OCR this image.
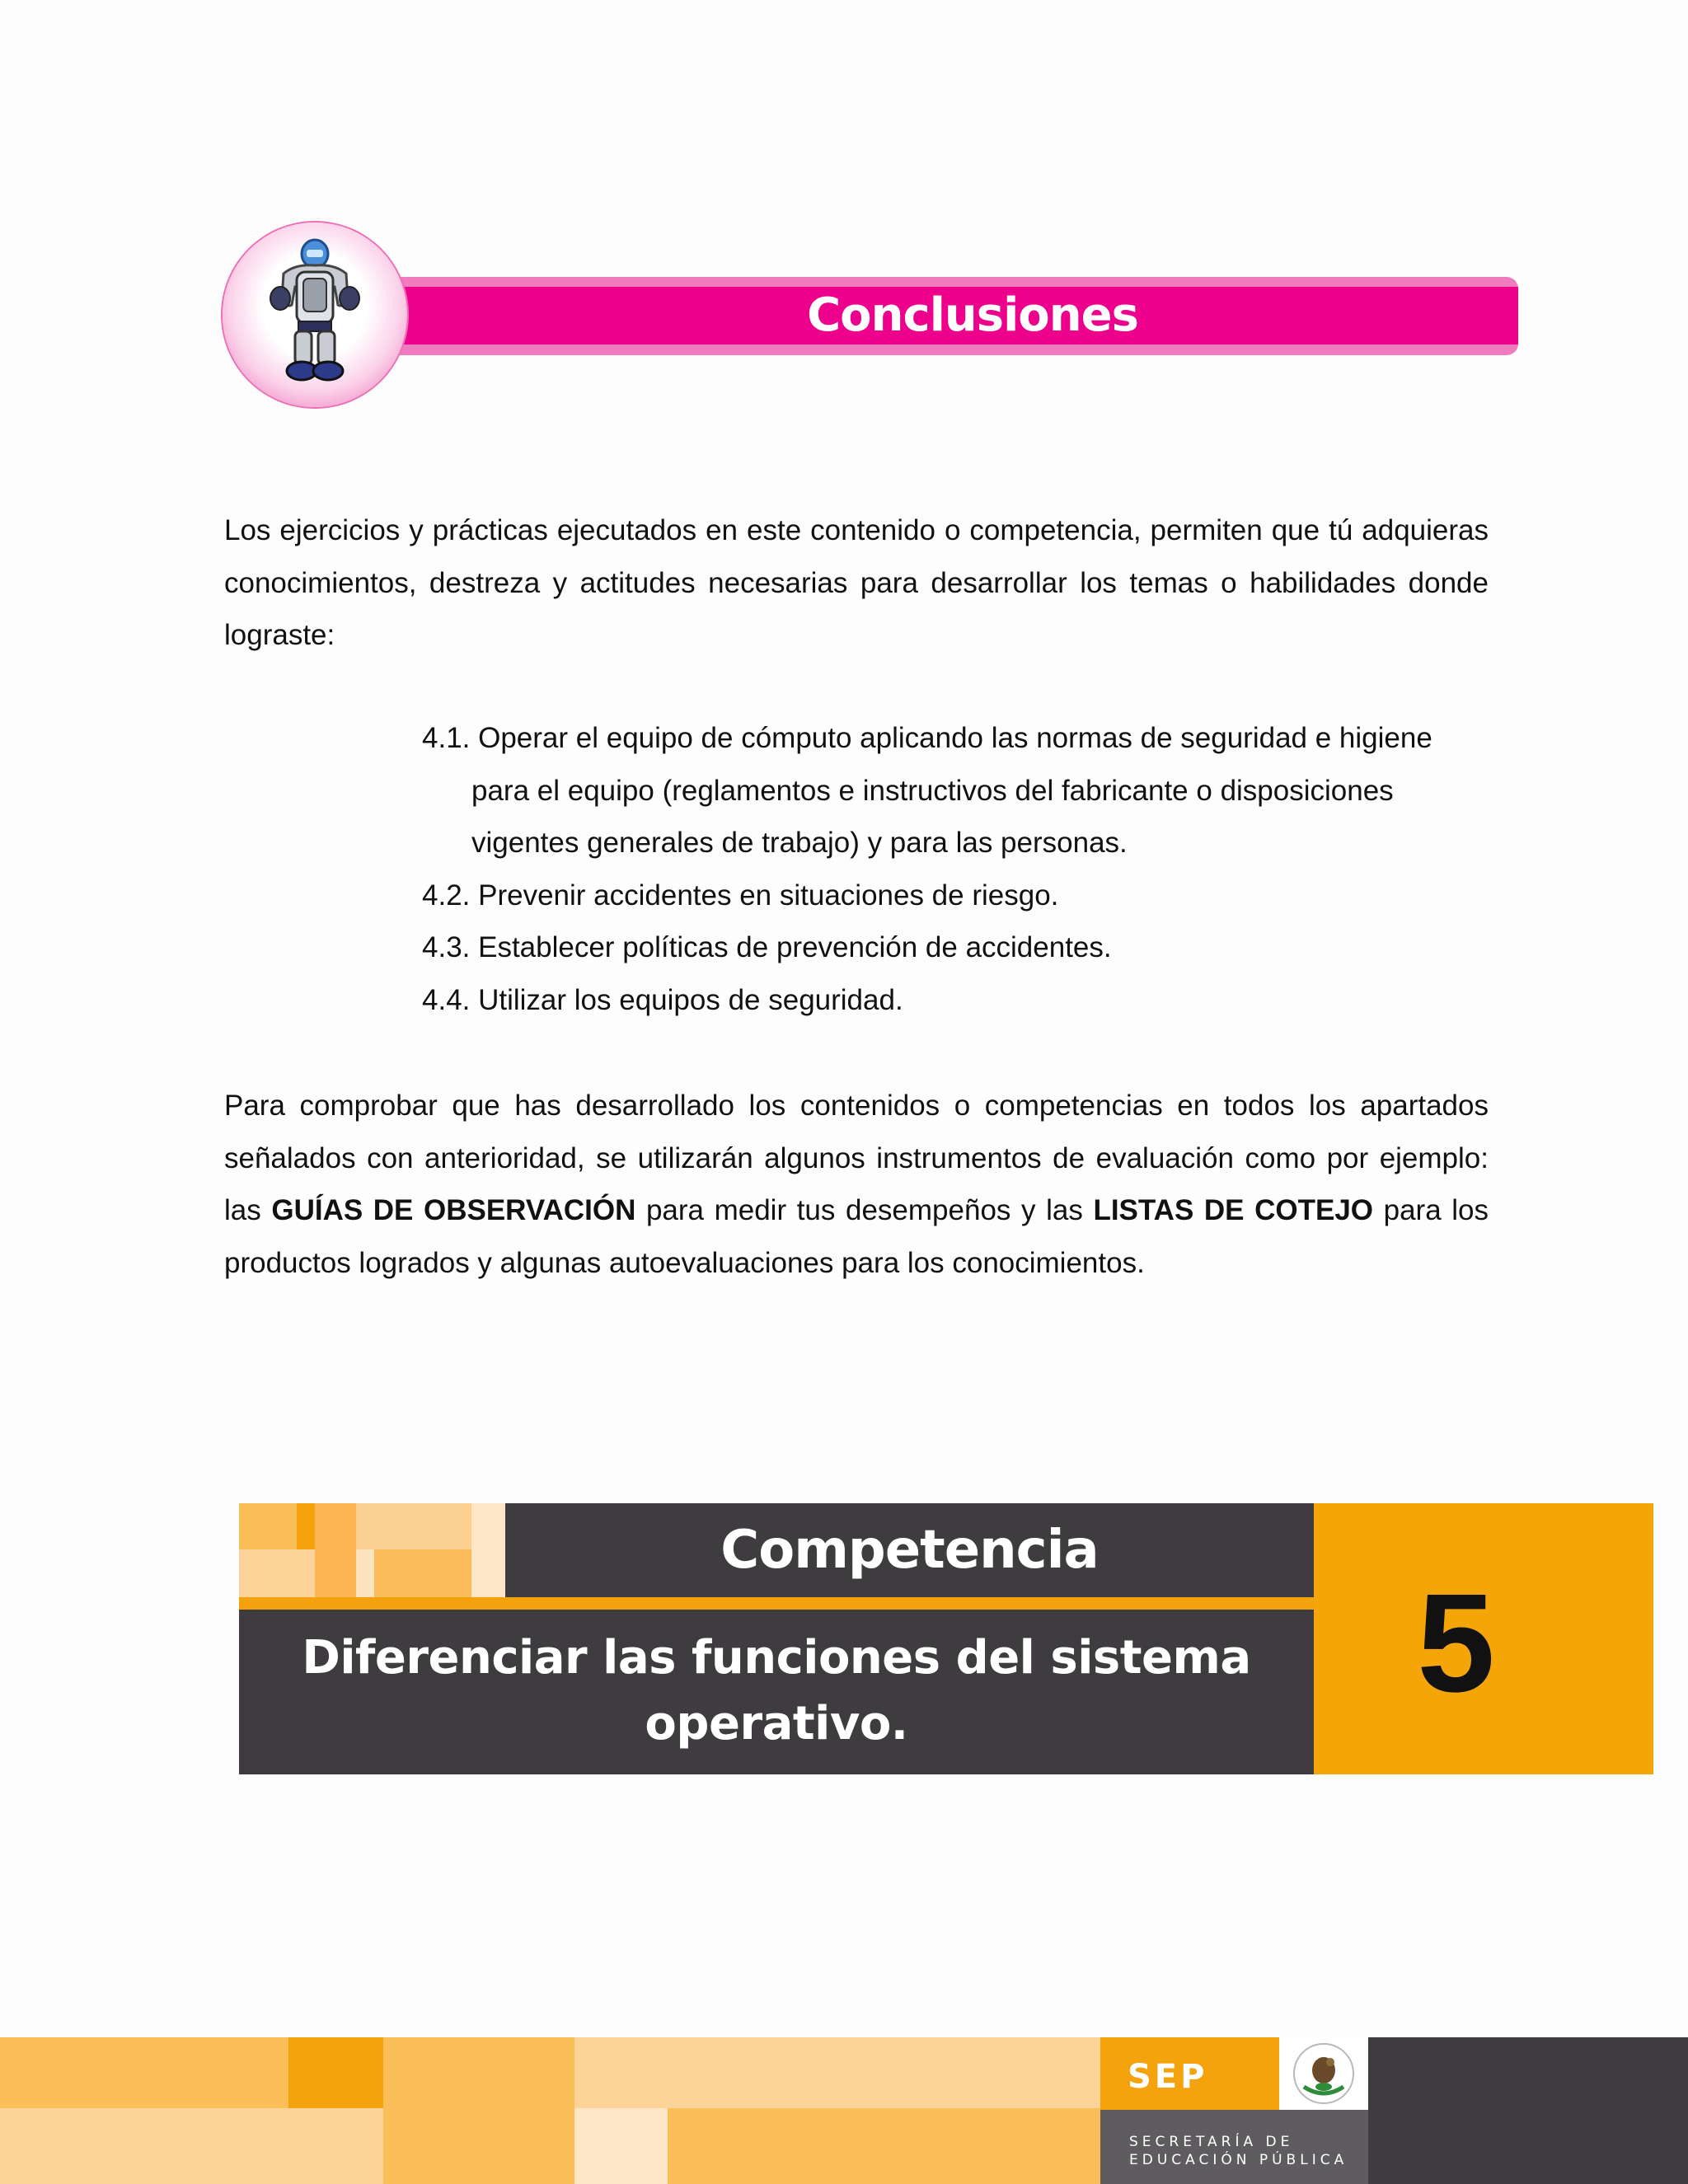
Conclusiones

Los ejercicios y prácticas ejecutados en este contenido o competencia, permiten que tú adquieras conocimientos, destreza y actitudes necesarias para desarrollar los temas o habilidades donde lograste:

4.1. Operar el equipo de cómputo aplicando las normas de seguridad e higiene para el equipo (reglamentos e instructivos del fabricante o disposiciones vigentes generales de trabajo) y para las personas.
4.2. Prevenir accidentes en situaciones de riesgo.
4.3. Establecer políticas de prevención de accidentes.
4.4. Utilizar los equipos de seguridad.

Para comprobar que has desarrollado los contenidos o competencias en todos los apartados señalados con anterioridad, se utilizarán algunos instrumentos de evaluación como por ejemplo: las GUÍAS DE OBSERVACIÓN para medir tus desempeños y las LISTAS DE COTEJO para los productos logrados y algunas autoevaluaciones para los conocimientos.

Competencia
Diferenciar las funciones del sistema operativo.
5
SEP
SECRETARÍA DE
EDUCACIÓN PÚBLICA
